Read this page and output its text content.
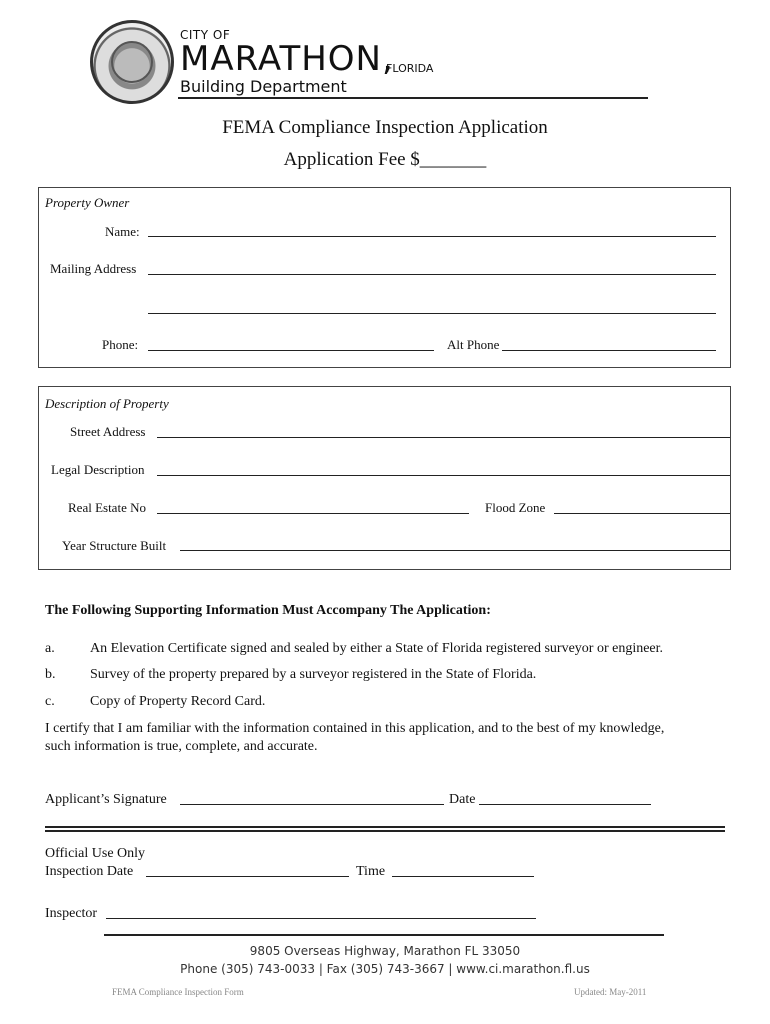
CITY OF
MARATHON,
FLORIDA
Building Department
FEMA Compliance Inspection Application
Application Fee $_______
Property Owner
Name:
Mailing Address
Phone:	Alt Phone
Description of Property
Street Address
Legal Description
Real Estate No	Flood Zone
Year Structure Built
The Following Supporting Information Must Accompany The Application:
a.	An Elevation Certificate signed and sealed by either a State of Florida registered surveyor or engineer.
b. Survey of the property prepared by a surveyor registered in the State of Florida.
c.	Copy of Property Record Card.
I certify that I am familiar with the information contained in this application, and to the best of my knowledge,
such information is true, complete, and accurate.
Applicant’s Signature	Date
Official Use Only
Inspection Date	Time
Inspector
9805 Overseas Highway, Marathon FL 33050
Phone (305) 743-0033 | Fax (305) 743-3667 | www.ci.marathon.fl.us
FEMA Compliance Inspection Form	Updated: May-2011
